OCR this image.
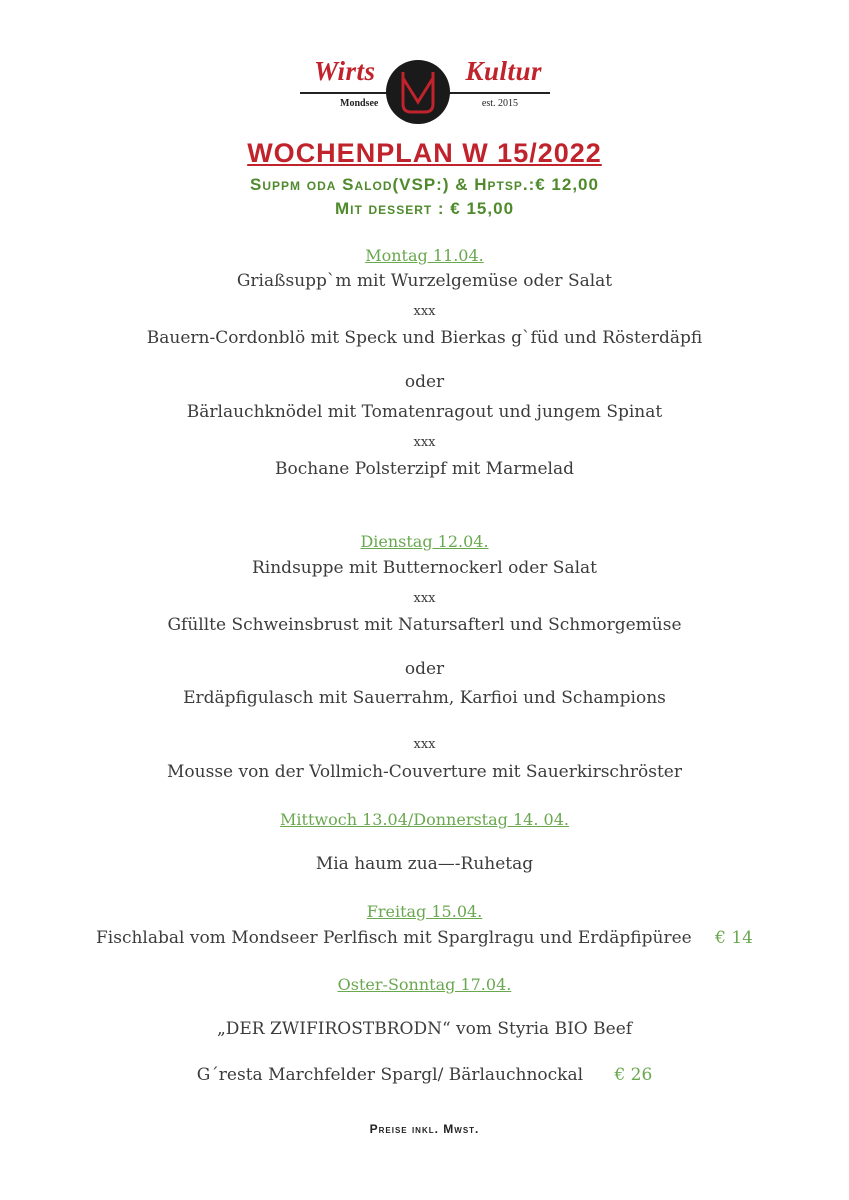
Wirts	Kultur
Mondsee	est. 2015
WOCHENPLAN W 15/2022
Suppm oda Salod(VSP:) & Hptsp.:€ 12,00
Mit dessert : € 15,00
Montag 11.04.
Griaßsupp`m mit Wurzelgemüse oder Salat
xxx
Bauern-Cordonblö mit Speck und Bierkas g`füd und Rösterdäpfi
oder
Bärlauchknödel mit Tomatenragout und jungem Spinat
xxx
Bochane Polsterzipf mit Marmelad
Dienstag 12.04.
Rindsuppe mit Butternockerl oder Salat
xxx
Gfüllte Schweinsbrust mit Natursafterl und Schmorgemüse
oder
Erdäpfigulasch mit Sauerrahm, Karfioi und Schampions
xxx
Mousse von der Vollmich-Couverture mit Sauerkirschröster
Mittwoch 13.04/Donnerstag 14. 04.
Mia haum zua—-Ruhetag
Freitag 15.04.
Fischlabal vom Mondseer Perlfisch mit Sparglragu und Erdäpfipüree € 14
Oster-Sonntag 17.04.
„DER ZWIFIROSTBRODN“ vom Styria BIO Beef
G´resta Marchfelder Spargl/ Bärlauchnockal € 26
Preise inkl. Mwst.
